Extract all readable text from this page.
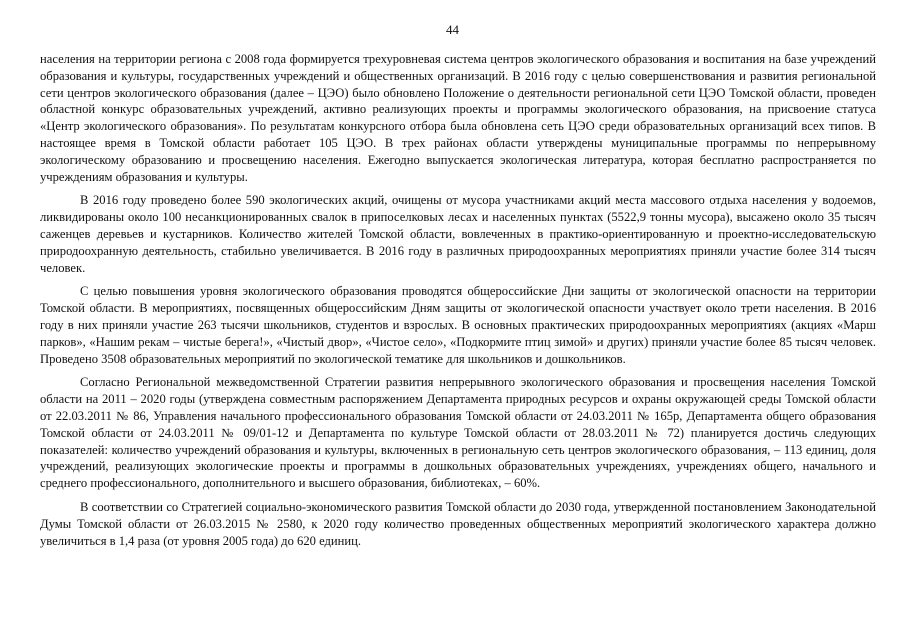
44

населения на территории региона с 2008 года формируется трехуровневая система центров экологического образования и воспитания на базе учреждений образования и культуры, государственных учреждений и общественных организаций. В 2016 году с целью совершенствования и развития региональной сети центров экологического образования (далее – ЦЭО) было обновлено Положение о деятельности региональной сети ЦЭО Томской области, проведен областной конкурс образовательных учреждений, активно реализующих проекты и программы экологического образования, на присвоение статуса «Центр экологического образования». По результатам конкурсного отбора была обновлена сеть ЦЭО среди образовательных организаций всех типов. В настоящее время в Томской области работает 105 ЦЭО. В трех районах области утверждены муниципальные программы по непрерывному экологическому образованию и просвещению населения. Ежегодно выпускается экологическая литература, которая бесплатно распространяется по учреждениям образования и культуры.

В 2016 году проведено более 590 экологических акций, очищены от мусора участниками акций места массового отдыха населения у водоемов, ликвидированы около 100 несанкционированных свалок в припоселковых лесах и населенных пунктах (5522,9 тонны мусора), высажено около 35 тысяч саженцев деревьев и кустарников. Количество жителей Томской области, вовлеченных в практико-ориентированную и проектно-исследовательскую природоохранную деятельность, стабильно увеличивается. В 2016 году в различных природоохранных мероприятиях приняли участие более 314 тысяч человек.

С целью повышения уровня экологического образования проводятся общероссийские Дни защиты от экологической опасности на территории Томской области. В мероприятиях, посвященных общероссийским Дням защиты от экологической опасности участвует около трети населения. В 2016 году в них приняли участие 263 тысячи школьников, студентов и взрослых. В основных практических природоохранных мероприятиях (акциях «Марш парков», «Нашим рекам – чистые берега!», «Чистый двор», «Чистое село», «Подкормите птиц зимой» и других) приняли участие более 85 тысяч человек. Проведено 3508 образовательных мероприятий по экологической тематике для школьников и дошкольников.

Согласно Региональной межведомственной Стратегии развития непрерывного экологического образования и просвещения населения Томской области на 2011 – 2020 годы (утверждена совместным распоряжением Департамента природных ресурсов и охраны окружающей среды Томской области от 22.03.2011 № 86, Управления начального профессионального образования Томской области от 24.03.2011 № 165р, Департамента общего образования Томской области от 24.03.2011 № 09/01-12 и Департамента по культуре Томской области от 28.03.2011 № 72) планируется достичь следующих показателей: количество учреждений образования и культуры, включенных в региональную сеть центров экологического образования, – 113 единиц, доля учреждений, реализующих экологические проекты и программы в дошкольных образовательных учреждениях, учреждениях общего, начального и среднего профессионального, дополнительного и высшего образования, библиотеках, – 60%.

В соответствии со Стратегией социально-экономического развития Томской области до 2030 года, утвержденной постановлением Законодательной Думы Томской области от 26.03.2015 № 2580, к 2020 году количество проведенных общественных мероприятий экологического характера должно увеличиться в 1,4 раза (от уровня 2005 года) до 620 единиц.
